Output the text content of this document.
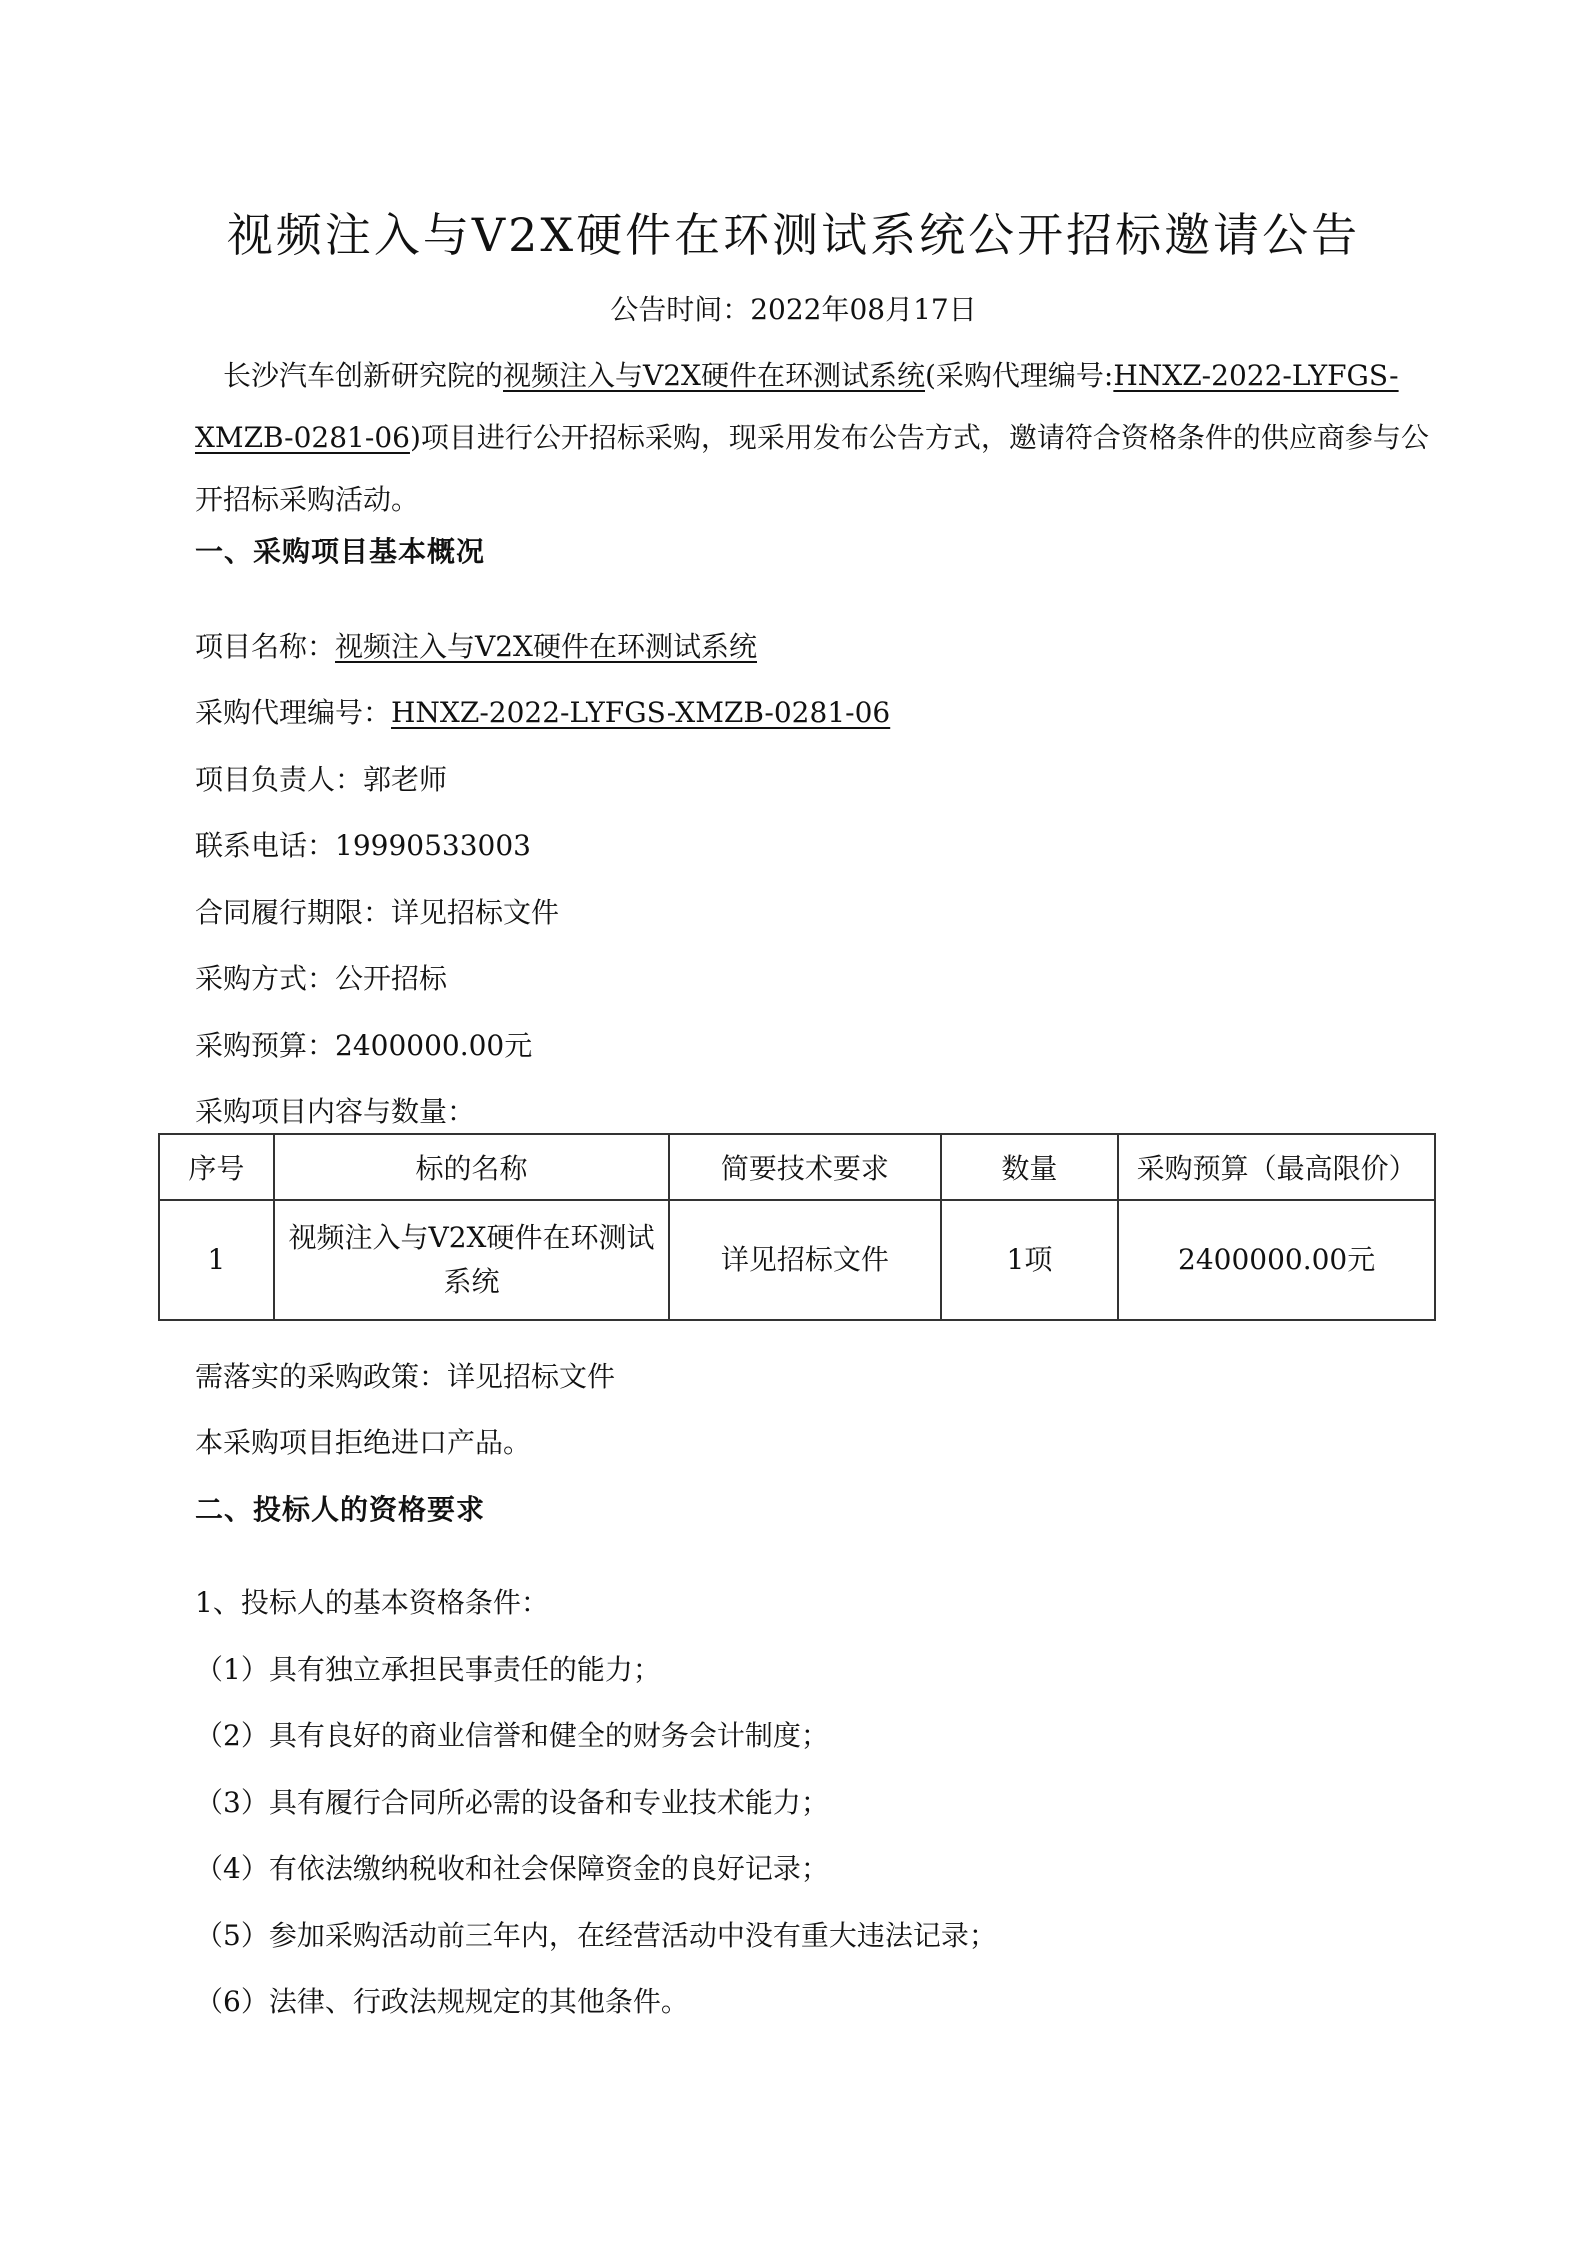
视频注入与V2X硬件在环测试系统公开招标邀请公告
公告时间：2022年08月17日
长沙汽车创新研究院的视频注入与V2X硬件在环测试系统(采购代理编号:HNXZ-2022-LYFGS-XMZB-0281-06)项目进行公开招标采购，现采用发布公告方式，邀请符合资格条件的供应商参与公开招标采购活动。
一、采购项目基本概况
项目名称：视频注入与V2X硬件在环测试系统
采购代理编号：HNXZ-2022-LYFGS-XMZB-0281-06
项目负责人：郭老师
联系电话：19990533003
合同履行期限：详见招标文件
采购方式：公开招标
采购预算：2400000.00元
采购项目内容与数量：
序号	标的名称	简要技术要求	数量	采购预算（最高限价）
1	视频注入与V2X硬件在环测试系统	详见招标文件	1项	2400000.00元
需落实的采购政策：详见招标文件
本采购项目拒绝进口产品。
二、投标人的资格要求
1、投标人的基本资格条件：
（1）具有独立承担民事责任的能力；
（2）具有良好的商业信誉和健全的财务会计制度；
（3）具有履行合同所必需的设备和专业技术能力；
（4）有依法缴纳税收和社会保障资金的良好记录；
（5）参加采购活动前三年内，在经营活动中没有重大违法记录；
（6）法律、行政法规规定的其他条件。
